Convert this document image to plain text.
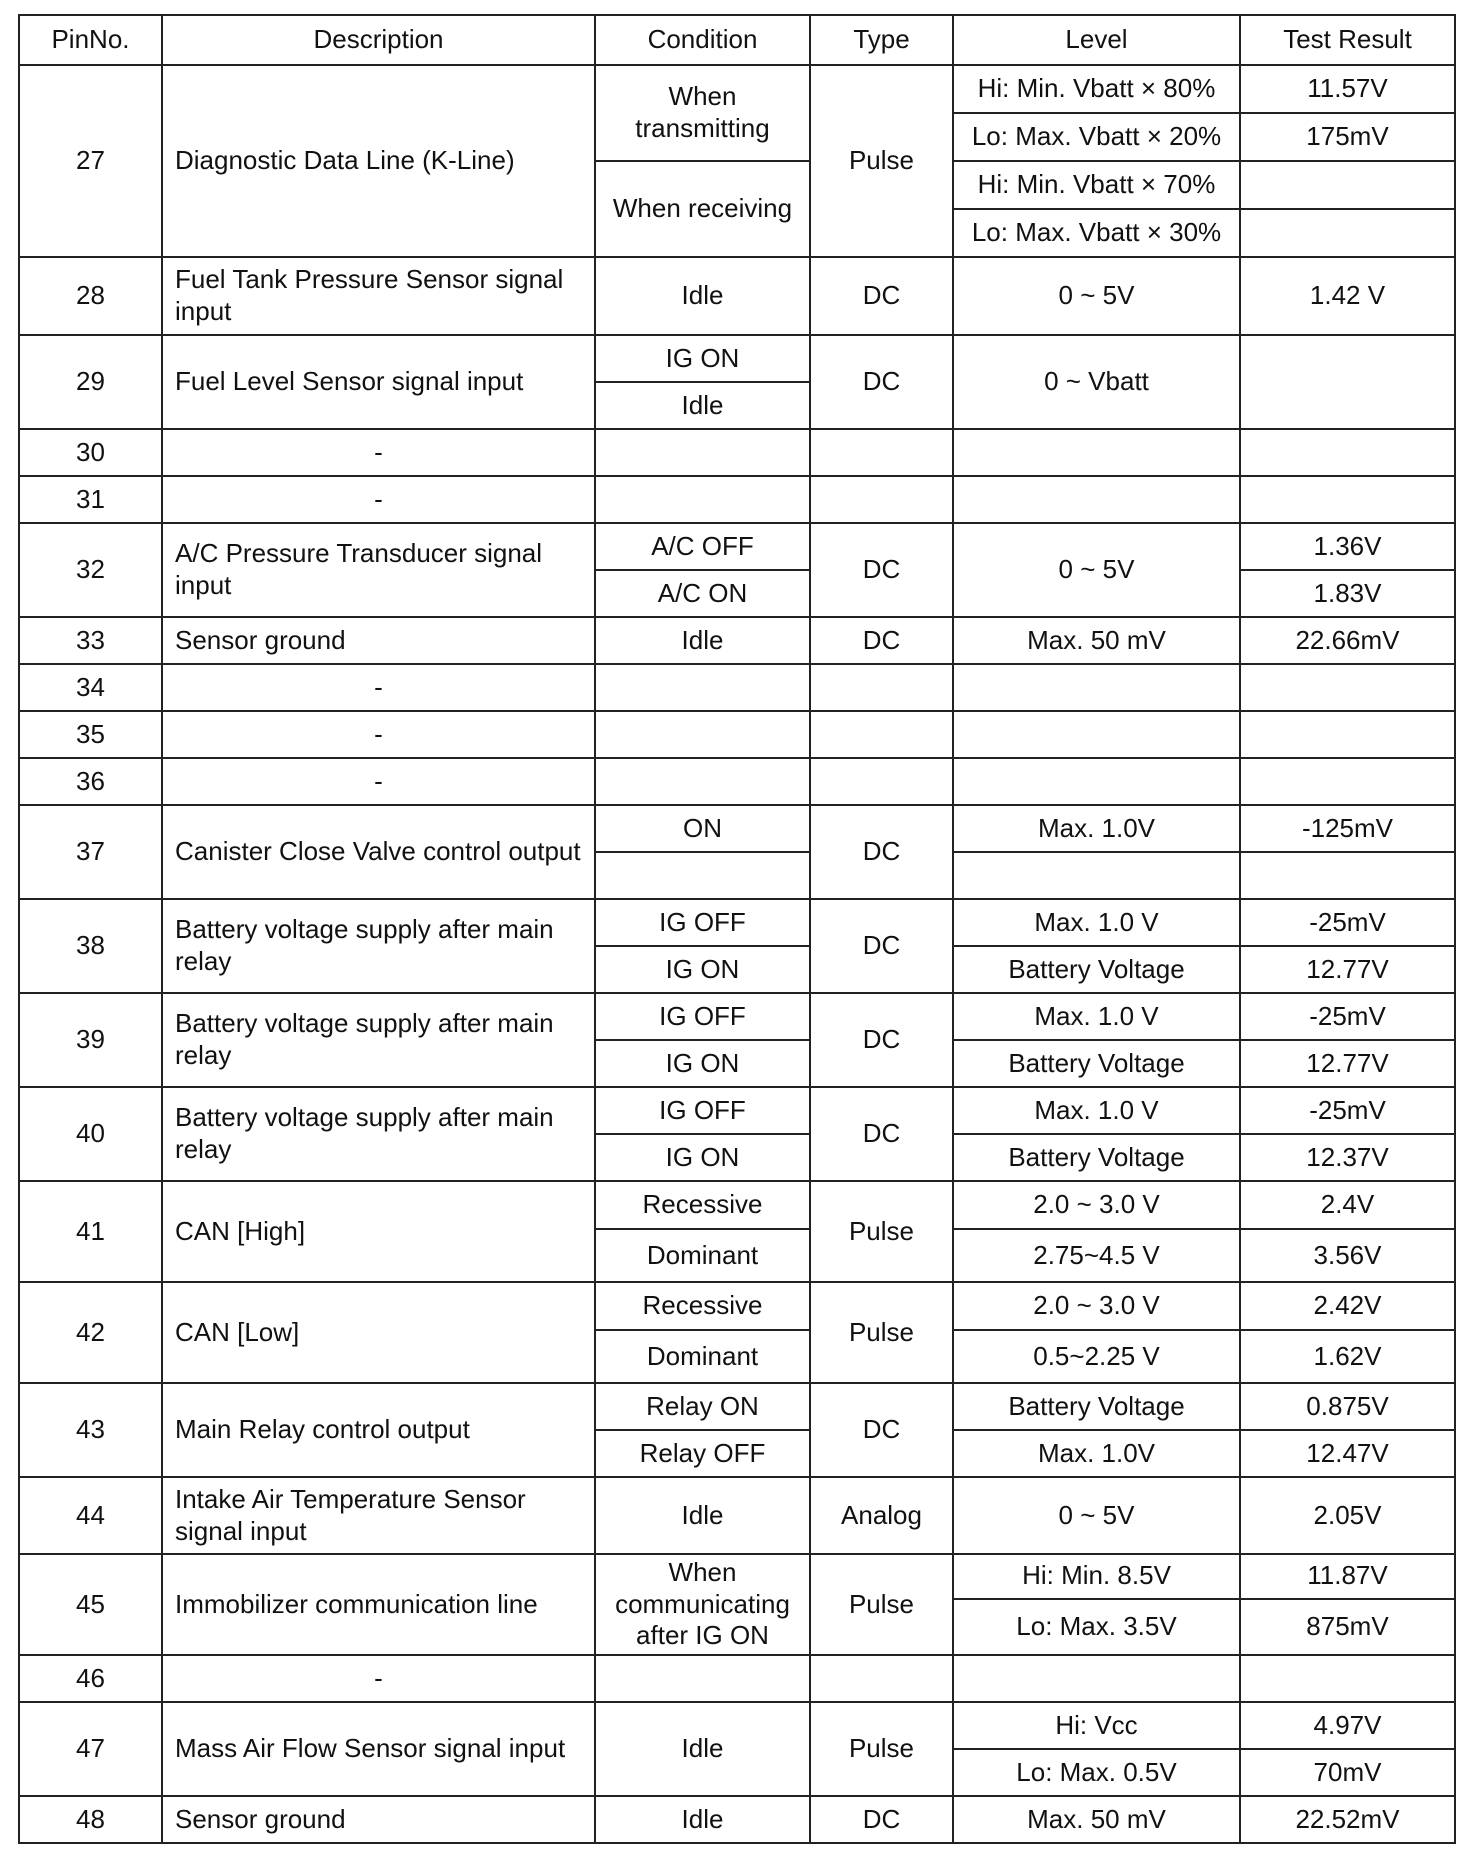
PinNo.	Description	Condition	Type	Level	Test Result
27	Diagnostic Data Line (K-Line)	When transmitting	Pulse	Hi: Min. Vbatt × 80%	11.57V
				Lo: Max. Vbatt × 20%	175mV
		When receiving		Hi: Min. Vbatt × 70%	
				Lo: Max. Vbatt × 30%	
28	Fuel Tank Pressure Sensor signal input	Idle	DC	0 ~ 5V	1.42 V
29	Fuel Level Sensor signal input	IG ON	DC	0 ~ Vbatt	
		Idle			
30	-				
31	-				
32	A/C Pressure Transducer signal input	A/C OFF	DC	0 ~ 5V	1.36V
		A/C ON			1.83V
33	Sensor ground	Idle	DC	Max. 50 mV	22.66mV
34	-				
35	-				
36	-				
37	Canister Close Valve control output	ON	DC	Max. 1.0V	-125mV

38	Battery voltage supply after main relay	IG OFF	DC	Max. 1.0 V	-25mV
		IG ON		Battery Voltage	12.77V
39	Battery voltage supply after main relay	IG OFF	DC	Max. 1.0 V	-25mV
		IG ON		Battery Voltage	12.77V
40	Battery voltage supply after main relay	IG OFF	DC	Max. 1.0 V	-25mV
		IG ON		Battery Voltage	12.37V
41	CAN [High]	Recessive	Pulse	2.0 ~ 3.0 V	2.4V
		Dominant		2.75~4.5 V	3.56V
42	CAN [Low]	Recessive	Pulse	2.0 ~ 3.0 V	2.42V
		Dominant		0.5~2.25 V	1.62V
43	Main Relay control output	Relay ON	DC	Battery Voltage	0.875V
		Relay OFF		Max. 1.0V	12.47V
44	Intake Air Temperature Sensor signal input	Idle	Analog	0 ~ 5V	2.05V
45	Immobilizer communication line	When communicating after IG ON	Pulse	Hi: Min. 8.5V	11.87V
				Lo: Max. 3.5V	875mV
46	-				
47	Mass Air Flow Sensor signal input	Idle	Pulse	Hi: Vcc	4.97V
				Lo: Max. 0.5V	70mV
48	Sensor ground	Idle	DC	Max. 50 mV	22.52mV
